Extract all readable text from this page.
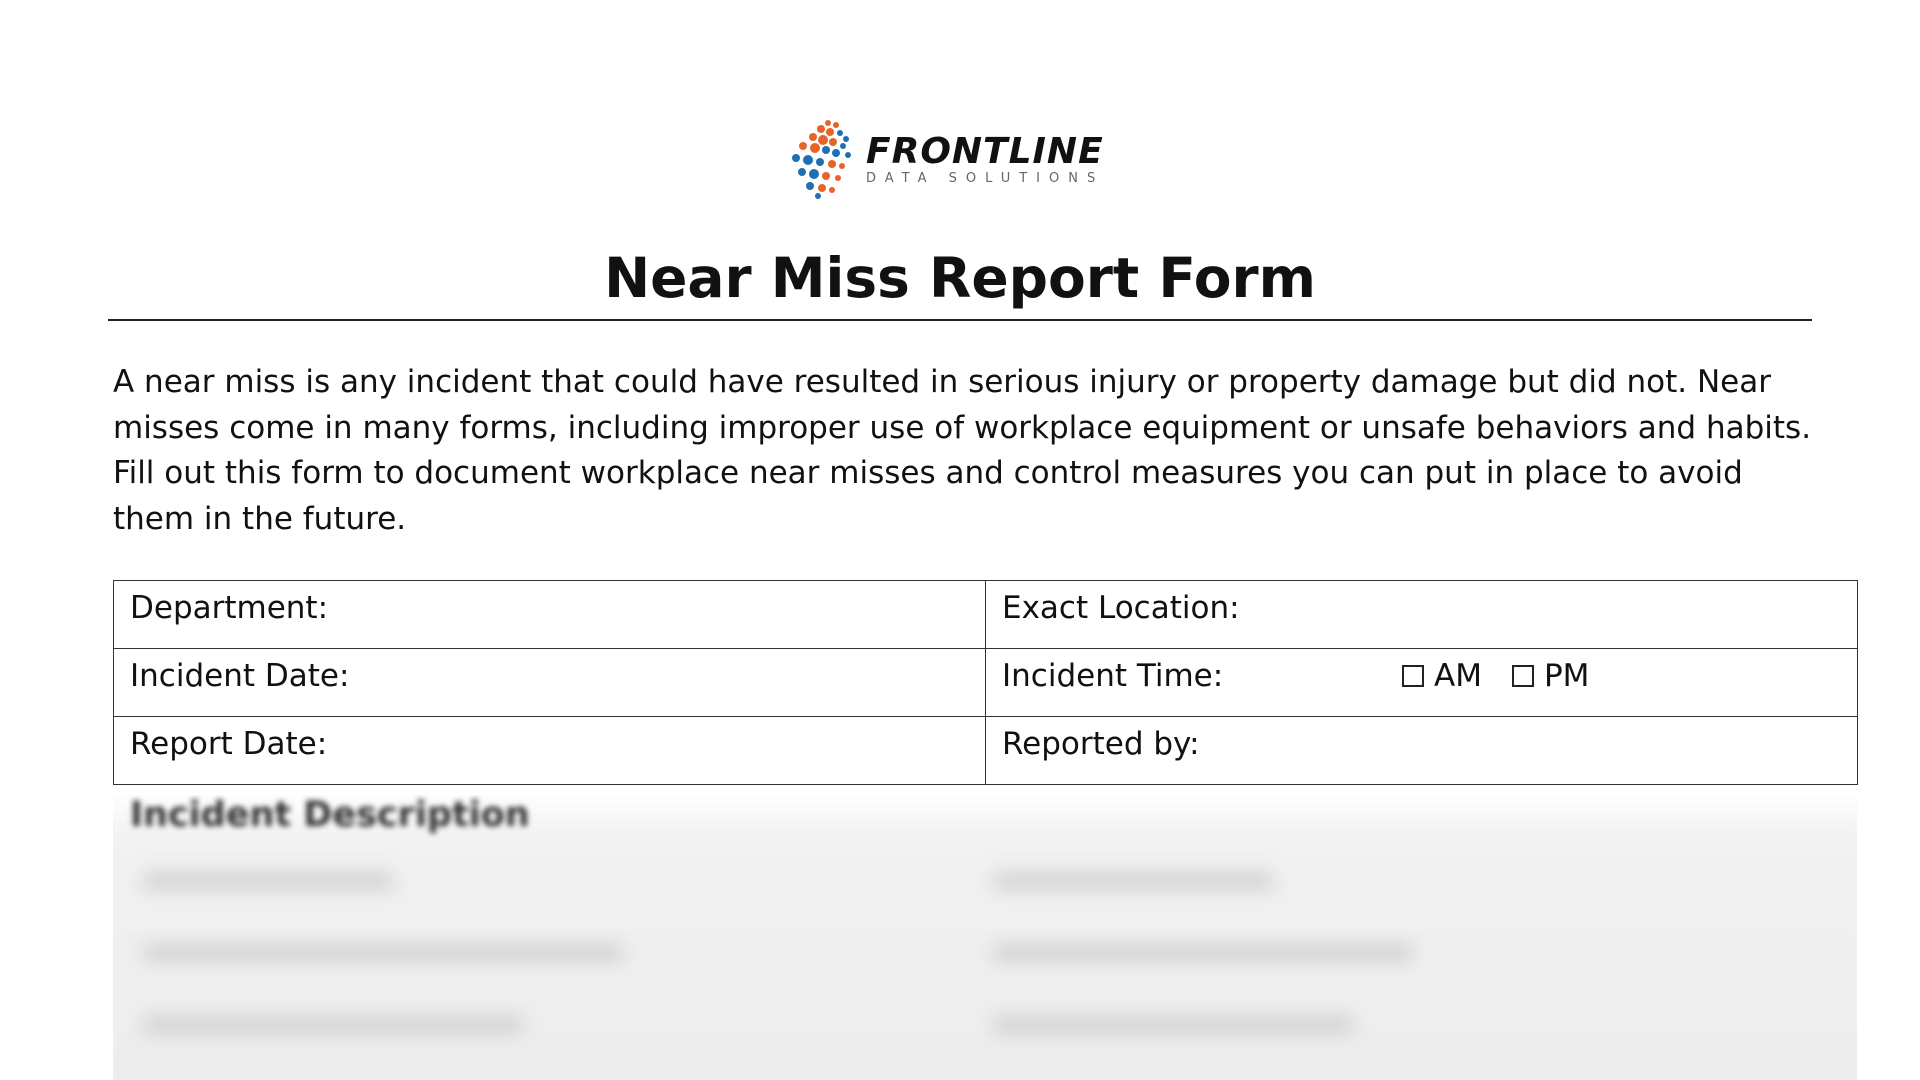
FRONTLINE
DATA SOLUTIONS
Near Miss Report Form
A near miss is any incident that could have resulted in serious injury or property damage but did not. Near misses come in many forms, including improper use of workplace equipment or unsafe behaviors and habits. Fill out this form to document workplace near misses and control measures you can put in place to avoid them in the future.
Department:	Exact Location:
Incident Date:	Incident Time: AM PM

Report Date:	Reported by:
Incident Description
